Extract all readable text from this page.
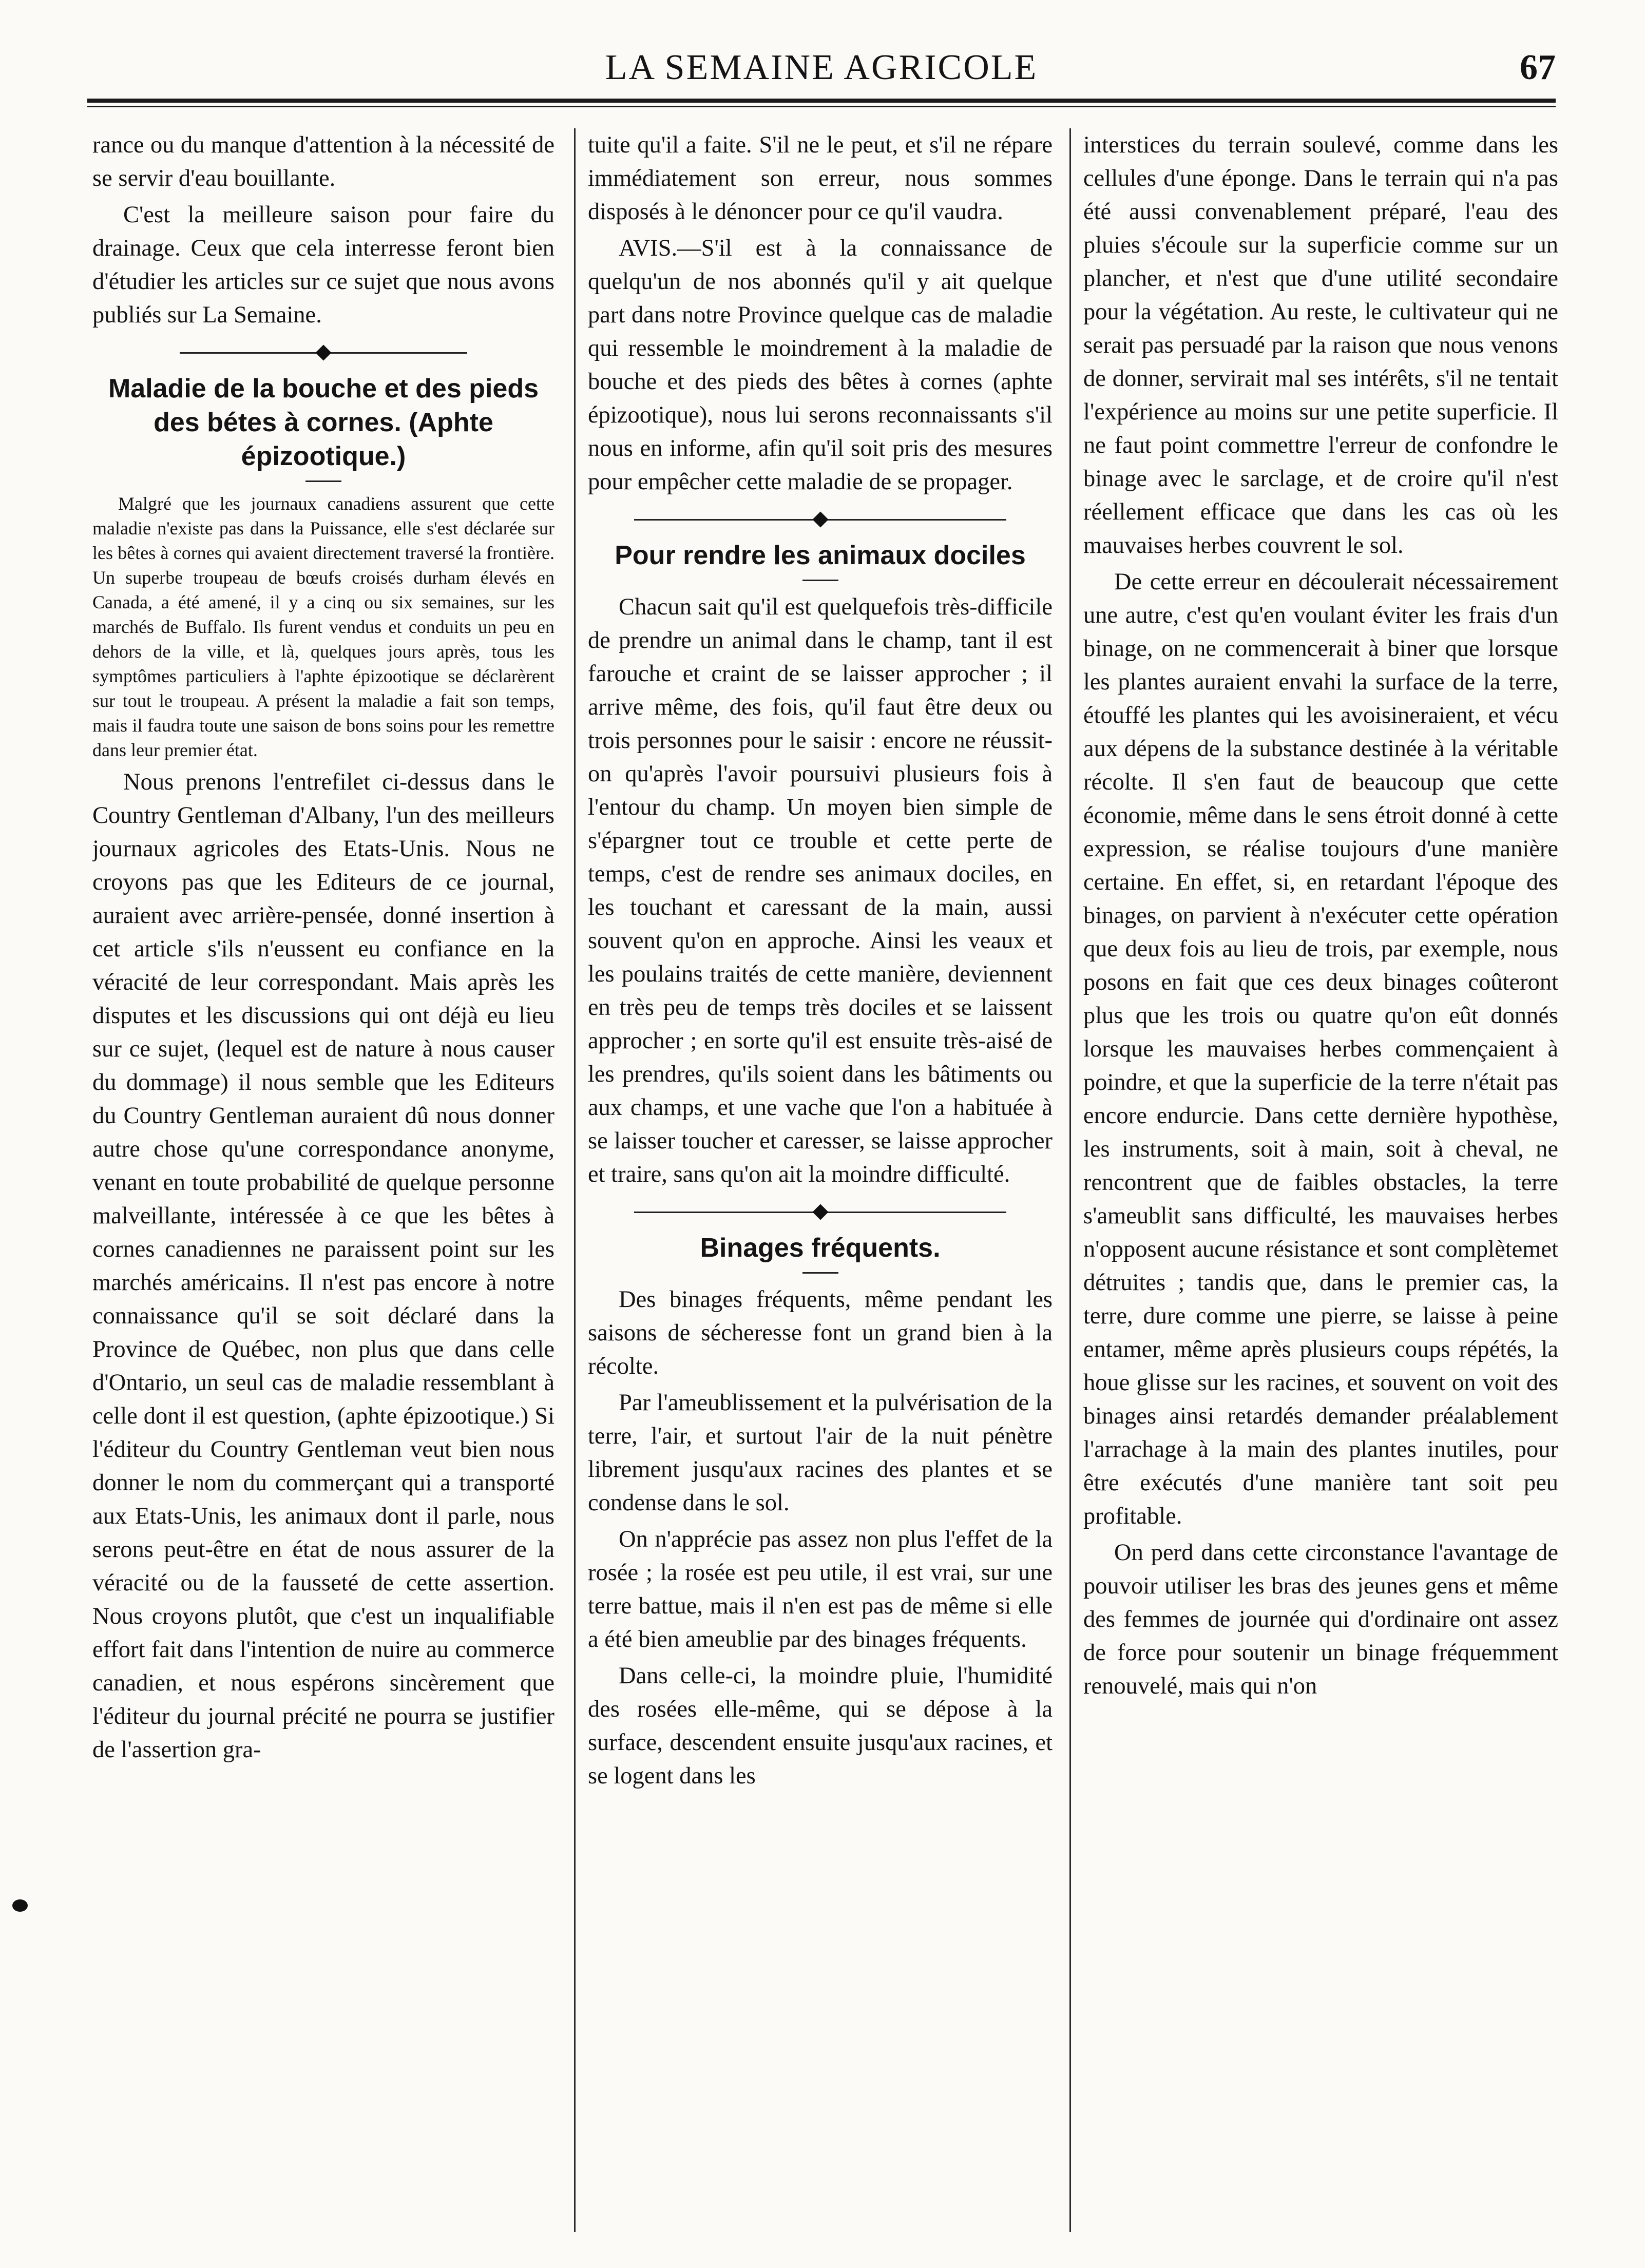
LA SEMAINE AGRICOLE	67

rance ou du manque d'attention à la nécessité de se servir d'eau bouillante.

C'est la meilleure saison pour faire du drainage. Ceux que cela interresse feront bien d'étudier les articles sur ce sujet que nous avons publiés sur La Semaine.

Maladie de la bouche et des pieds des bétes à cornes. (Aphte épizootique.)

Malgré que les journaux canadiens assurent que cette maladie n'existe pas dans la Puissance, elle s'est déclarée sur les bêtes à cornes qui avaient directement traversé la frontière. Un superbe troupeau de bœufs croisés durham élevés en Canada, a été amené, il y a cinq ou six semaines, sur les marchés de Buffalo. Ils furent vendus et conduits un peu en dehors de la ville, et là, quelques jours après, tous les symptômes particuliers à l'aphte épizootique se déclarèrent sur tout le troupeau. A présent la maladie a fait son temps, mais il faudra toute une saison de bons soins pour les remettre dans leur premier état.

Nous prenons l'entrefilet ci-dessus dans le Country Gentleman d'Albany, l'un des meilleurs journaux agricoles des Etats-Unis. Nous ne croyons pas que les Editeurs de ce journal, auraient avec arrière-pensée, donné insertion à cet article s'ils n'eussent eu confiance en la véracité de leur correspondant. Mais après les disputes et les discussions qui ont déjà eu lieu sur ce sujet, (lequel est de nature à nous causer du dommage) il nous semble que les Editeurs du Country Gentleman auraient dû nous donner autre chose qu'une correspondance anonyme, venant en toute probabilité de quelque personne malveillante, intéressée à ce que les bêtes à cornes canadiennes ne paraissent point sur les marchés américains. Il n'est pas encore à notre connaissance qu'il se soit déclaré dans la Province de Québec, non plus que dans celle d'Ontario, un seul cas de maladie ressemblant à celle dont il est question, (aphte épizootique.) Si l'éditeur du Country Gentleman veut bien nous donner le nom du commerçant qui a transporté aux Etats-Unis, les animaux dont il parle, nous serons peut-être en état de nous assurer de la véracité ou de la fausseté de cette assertion. Nous croyons plutôt, que c'est un inqualifiable effort fait dans l'intention de nuire au commerce canadien, et nous espérons sincèrement que l'éditeur du journal précité ne pourra se justifier de l'assertion gra-

tuite qu'il a faite. S'il ne le peut, et s'il ne répare immédiatement son erreur, nous sommes disposés à le dénoncer pour ce qu'il vaudra.

AVIS.—S'il est à la connaissance de quelqu'un de nos abonnés qu'il y ait quelque part dans notre Province quelque cas de maladie qui ressemble le moindrement à la maladie de bouche et des pieds des bêtes à cornes (aphte épizootique), nous lui serons reconnaissants s'il nous en informe, afin qu'il soit pris des mesures pour empêcher cette maladie de se propager.

Pour rendre les animaux dociles

Chacun sait qu'il est quelquefois très-difficile de prendre un animal dans le champ, tant il est farouche et craint de se laisser approcher ; il arrive même, des fois, qu'il faut être deux ou trois personnes pour le saisir : encore ne réussit-on qu'après l'avoir poursuivi plusieurs fois à l'entour du champ. Un moyen bien simple de s'épargner tout ce trouble et cette perte de temps, c'est de rendre ses animaux dociles, en les touchant et caressant de la main, aussi souvent qu'on en approche. Ainsi les veaux et les poulains traités de cette manière, deviennent en très peu de temps très dociles et se laissent approcher ; en sorte qu'il est ensuite très-aisé de les prendres, qu'ils soient dans les bâtiments ou aux champs, et une vache que l'on a habituée à se laisser toucher et caresser, se laisse approcher et traire, sans qu'on ait la moindre difficulté.

Binages fréquents.

Des binages fréquents, même pendant les saisons de sécheresse font un grand bien à la récolte.

Par l'ameublissement et la pulvérisation de la terre, l'air, et surtout l'air de la nuit pénètre librement jusqu'aux racines des plantes et se condense dans le sol.

On n'apprécie pas assez non plus l'effet de la rosée ; la rosée est peu utile, il est vrai, sur une terre battue, mais il n'en est pas de même si elle a été bien ameublie par des binages fréquents.

Dans celle-ci, la moindre pluie, l'humidité des rosées elle-même, qui se dépose à la surface, descendent ensuite jusqu'aux racines, et se logent dans les

interstices du terrain soulevé, comme dans les cellules d'une éponge. Dans le terrain qui n'a pas été aussi convenablement préparé, l'eau des pluies s'écoule sur la superficie comme sur un plancher, et n'est que d'une utilité secondaire pour la végétation. Au reste, le cultivateur qui ne serait pas persuadé par la raison que nous venons de donner, servirait mal ses intérêts, s'il ne tentait l'expérience au moins sur une petite superficie. Il ne faut point commettre l'erreur de confondre le binage avec le sarclage, et de croire qu'il n'est réellement efficace que dans les cas où les mauvaises herbes couvrent le sol.

De cette erreur en découlerait nécessairement une autre, c'est qu'en voulant éviter les frais d'un binage, on ne commencerait à biner que lorsque les plantes auraient envahi la surface de la terre, étouffé les plantes qui les avoisineraient, et vécu aux dépens de la substance destinée à la véritable récolte. Il s'en faut de beaucoup que cette économie, même dans le sens étroit donné à cette expression, se réalise toujours d'une manière certaine. En effet, si, en retardant l'époque des binages, on parvient à n'exécuter cette opération que deux fois au lieu de trois, par exemple, nous posons en fait que ces deux binages coûteront plus que les trois ou quatre qu'on eût donnés lorsque les mauvaises herbes commençaient à poindre, et que la superficie de la terre n'était pas encore endurcie. Dans cette dernière hypothèse, les instruments, soit à main, soit à cheval, ne rencontrent que de faibles obstacles, la terre s'ameublit sans difficulté, les mauvaises herbes n'opposent aucune résistance et sont complètemet détruites ; tandis que, dans le premier cas, la terre, dure comme une pierre, se laisse à peine entamer, même après plusieurs coups répétés, la houe glisse sur les racines, et souvent on voit des binages ainsi retardés demander préalablement l'arrachage à la main des plantes inutiles, pour être exécutés d'une manière tant soit peu profitable.

On perd dans cette circonstance l'avantage de pouvoir utiliser les bras des jeunes gens et même des femmes de journée qui d'ordinaire ont assez de force pour soutenir un binage fréquemment renouvelé, mais qui n'on
